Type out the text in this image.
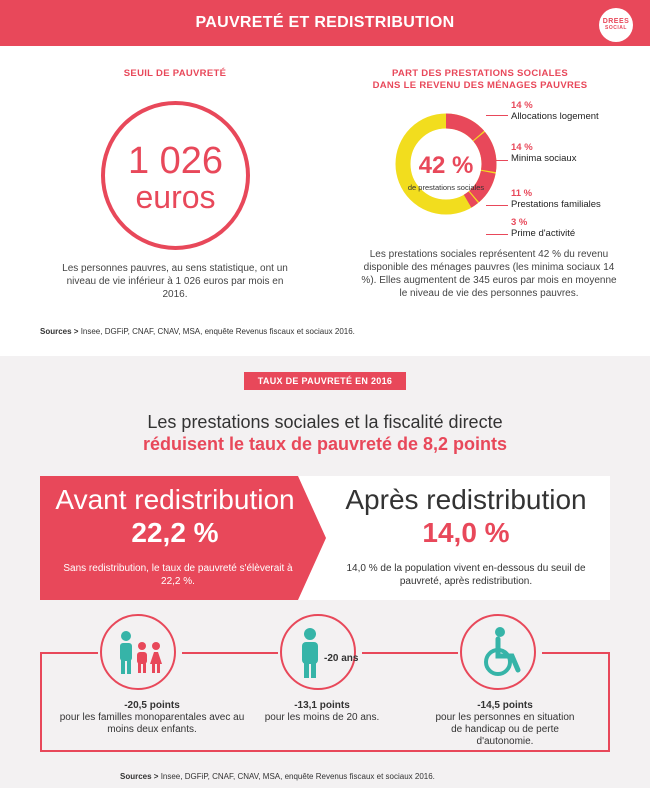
PAUVRETÉ ET REDISTRIBUTION	DREES
SOCIAL
SEUIL DE PAUVRETÉ
1 026
euros
Les personnes pauvres, au sens statistique, ont un niveau de vie inférieur à 1 026 euros par mois en 2016.
PART DES PRESTATIONS SOCIALES
DANS LE REVENU DES MÉNAGES PAUVRES
42 %
de prestations sociales
14 %
Allocations logement
14 %
Minima sociaux
11 %
Prestations familiales
3 %
Prime d'activité
Les prestations sociales représentent 42 % du revenu disponible des ménages pauvres (les minima sociaux 14 %). Elles augmentent de 345 euros par mois en moyenne le niveau de vie des personnes pauvres.
Sources > Insee, DGFiP, CNAF, CNAV, MSA, enquête Revenus fiscaux et sociaux 2016.
TAUX DE PAUVRETÉ EN 2016
Les prestations sociales et la fiscalité directe
réduisent le taux de pauvreté de 8,2 points
Avant redistribution
22,2 %
Sans redistribution, le taux de pauvreté s'élèverait à 22,2 %.
Après redistribution
14,0 %
14,0 % de la population vivent en-dessous du seuil de pauvreté, après redistribution.
-20 ans
-20,5 points
pour les familles monoparentales avec au moins deux enfants.
-13,1 points
pour les moins de 20 ans.
-14,5 points
pour les personnes en situation de handicap ou de perte d'autonomie.
Sources > Insee, DGFiP, CNAF, CNAV, MSA, enquête Revenus fiscaux et sociaux 2016.
